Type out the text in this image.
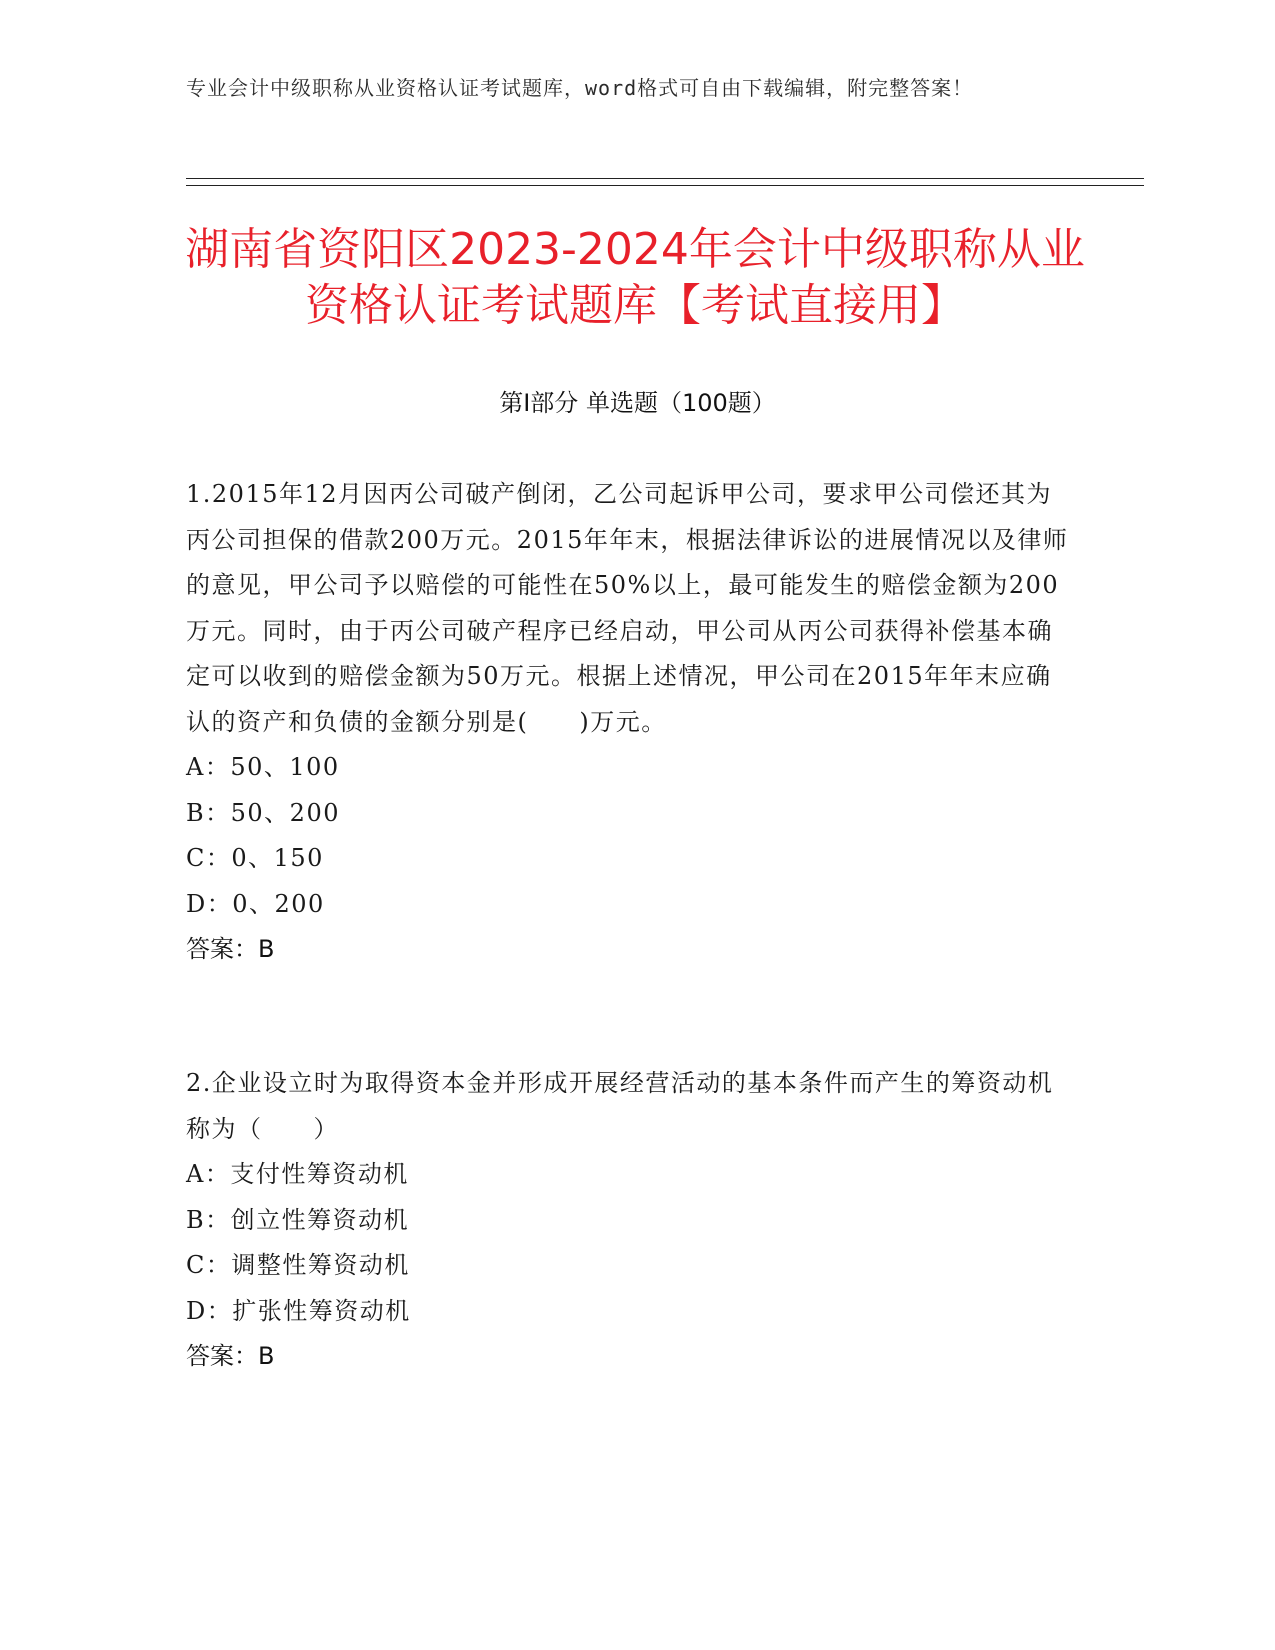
专业会计中级职称从业资格认证考试题库，word格式可自由下载编辑，附完整答案！
湖南省资阳区2023-2024年会计中级职称从业资格认证考试题库【考试直接用】
第I部分 单选题（100题）

1.2015年12月因丙公司破产倒闭，乙公司起诉甲公司，要求甲公司偿还其为丙公司担保的借款200万元。2015年年末，根据法律诉讼的进展情况以及律师的意见，甲公司予以赔偿的可能性在50%以上，最可能发生的赔偿金额为200万元。同时，由于丙公司破产程序已经启动，甲公司从丙公司获得补偿基本确定可以收到的赔偿金额为50万元。根据上述情况，甲公司在2015年年末应确认的资产和负债的金额分别是(　　)万元。

A：50、100

B：50、200

C：0、150

D：0、200

答案：B

2.企业设立时为取得资本金并形成开展经营活动的基本条件而产生的筹资动机称为（　　）

A：支付性筹资动机

B：创立性筹资动机

C：调整性筹资动机

D：扩张性筹资动机

答案：B
